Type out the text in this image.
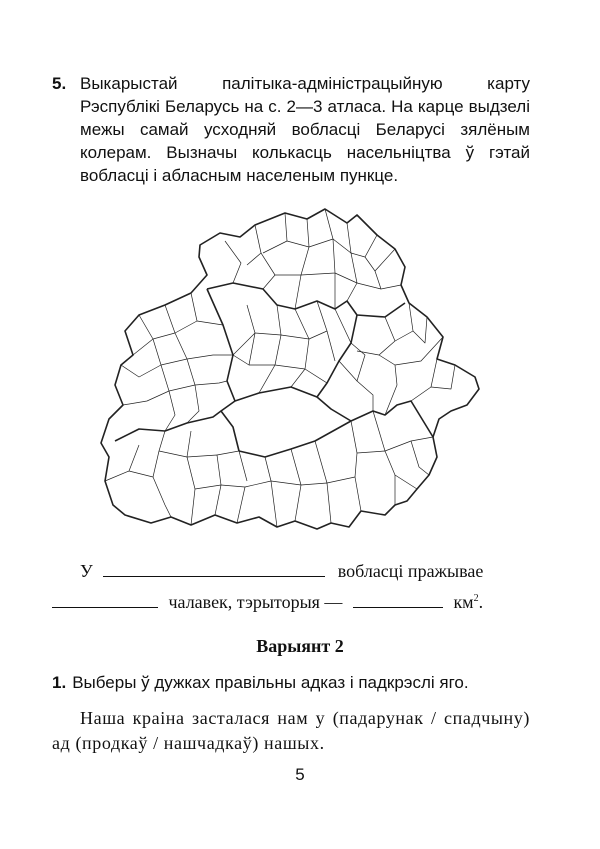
5. Выкарыстай палітыка-адміністрацыйную карту Рэспублікі Беларусь на с. 2—3 атласа. На карце выдзелі межы самай усходняй вобласці Беларусі зялёным колерам. Вызначы колькасць насельніцтва ў гэтай вобласці і абласным населеным пункце.
У	вобласці пражывае
чалавек, тэрыторыя —	$км^2$.
Варыянт 2
1. Выберы ў дужках правільны адказ і падкрэслі яго.
Наша краіна засталася нам у (падарунак / спадчыну) ад (продкаў / нашчадкаў) нашых.
5
